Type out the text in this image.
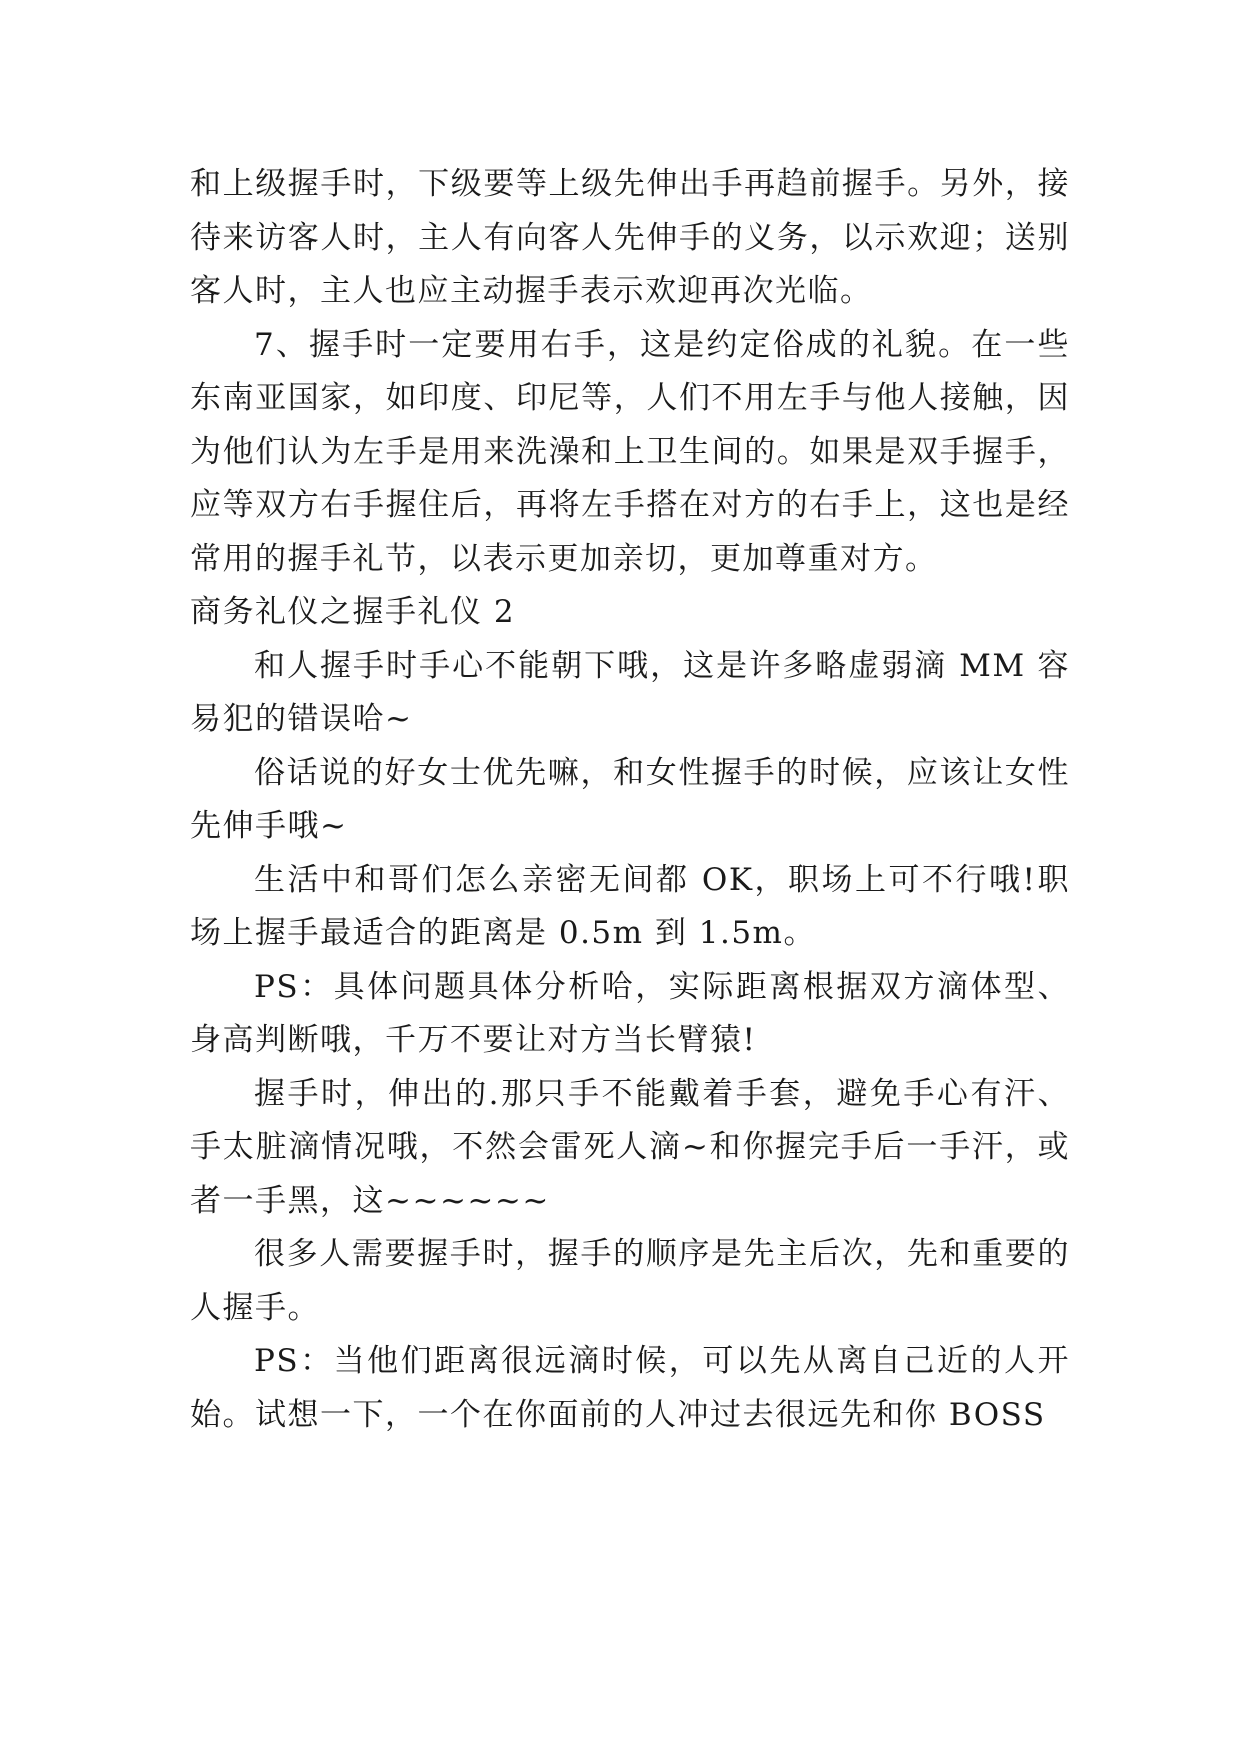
和上级握手时，下级要等上级先伸出手再趋前握手。另外，接待来访客人时，主人有向客人先伸手的义务，以示欢迎；送别客人时，主人也应主动握手表示欢迎再次光临。

7、握手时一定要用右手，这是约定俗成的礼貌。在一些东南亚国家，如印度、印尼等，人们不用左手与他人接触，因为他们认为左手是用来洗澡和上卫生间的。如果是双手握手，应等双方右手握住后，再将左手搭在对方的右手上，这也是经常用的握手礼节，以表示更加亲切，更加尊重对方。

商务礼仪之握手礼仪 2

和人握手时手心不能朝下哦，这是许多略虚弱滴 MM 容易犯的错误哈~

俗话说的好女士优先嘛，和女性握手的时候，应该让女性先伸手哦~

生活中和哥们怎么亲密无间都 OK，职场上可不行哦!职场上握手最适合的距离是 0.5m 到 1.5m。

PS：具体问题具体分析哈，实际距离根据双方滴体型、身高判断哦，千万不要让对方当长臂猿!

握手时，伸出的.那只手不能戴着手套，避免手心有汗、手太脏滴情况哦，不然会雷死人滴~和你握完手后一手汗，或者一手黑，这~~~~~~

很多人需要握手时，握手的顺序是先主后次，先和重要的人握手。

PS：当他们距离很远滴时候，可以先从离自己近的人开始。试想一下，一个在你面前的人冲过去很远先和你 BOSS
